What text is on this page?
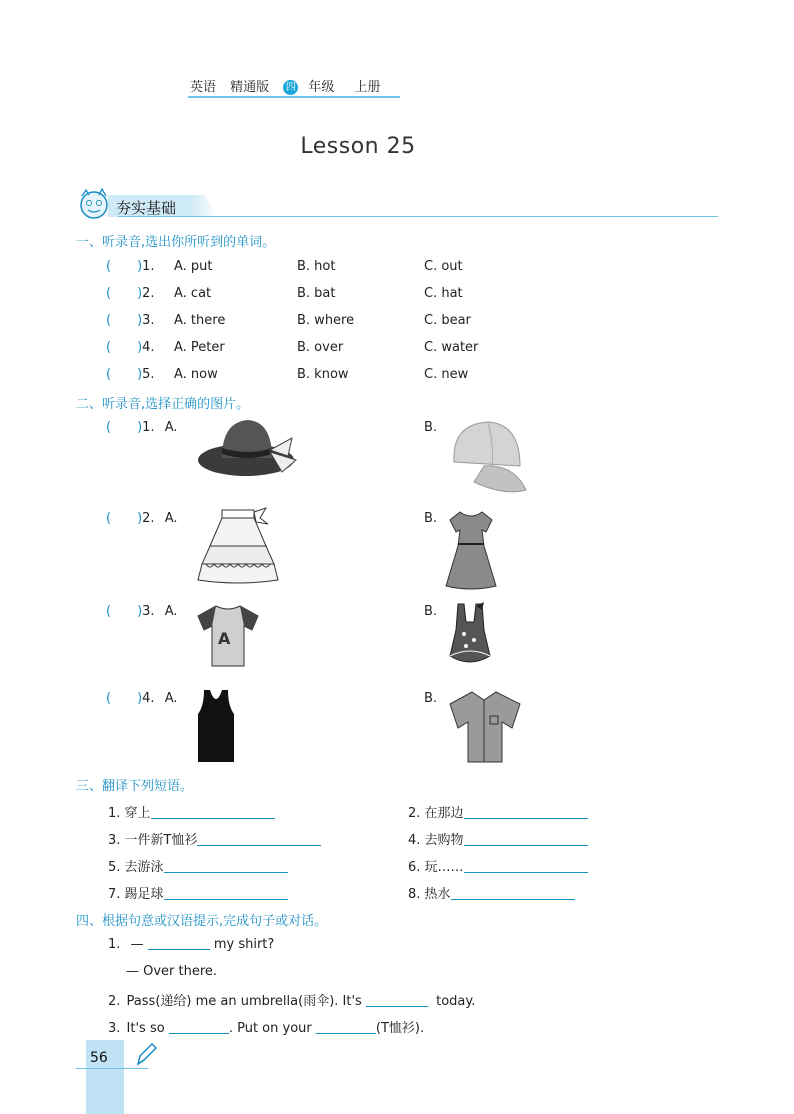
英语 精通版 四 年级 上册
Lesson 25
夯实基础
一、听录音,选出你所听到的单词。
( )1. A. put	B. hot	C. out
( )2. A. cat	B. bat	C. hat
( )3. A. there	B. where	C. bear
( )4. A. Peter	B. over	C. water
( )5. A. now	B. know	C. new
二、听录音,选择正确的图片。
( )1. A.	B.
( )2. A.	B.
( )3. A.	B.
( )4. A.	B.
A
三、翻译下列短语。
1. 穿上	2. 在那边
3. 一件新T恤衫	4. 去购物
5. 去游泳	6. 玩……
7. 踢足球	8. 热水
四、根据句意或汉语提示,完成句子或对话。
1. —	my shirt?
— Over there.
2. Pass(递给) me an umbrella(雨伞). It's	today.
3. It's so	. Put on your	(T恤衫).
56
